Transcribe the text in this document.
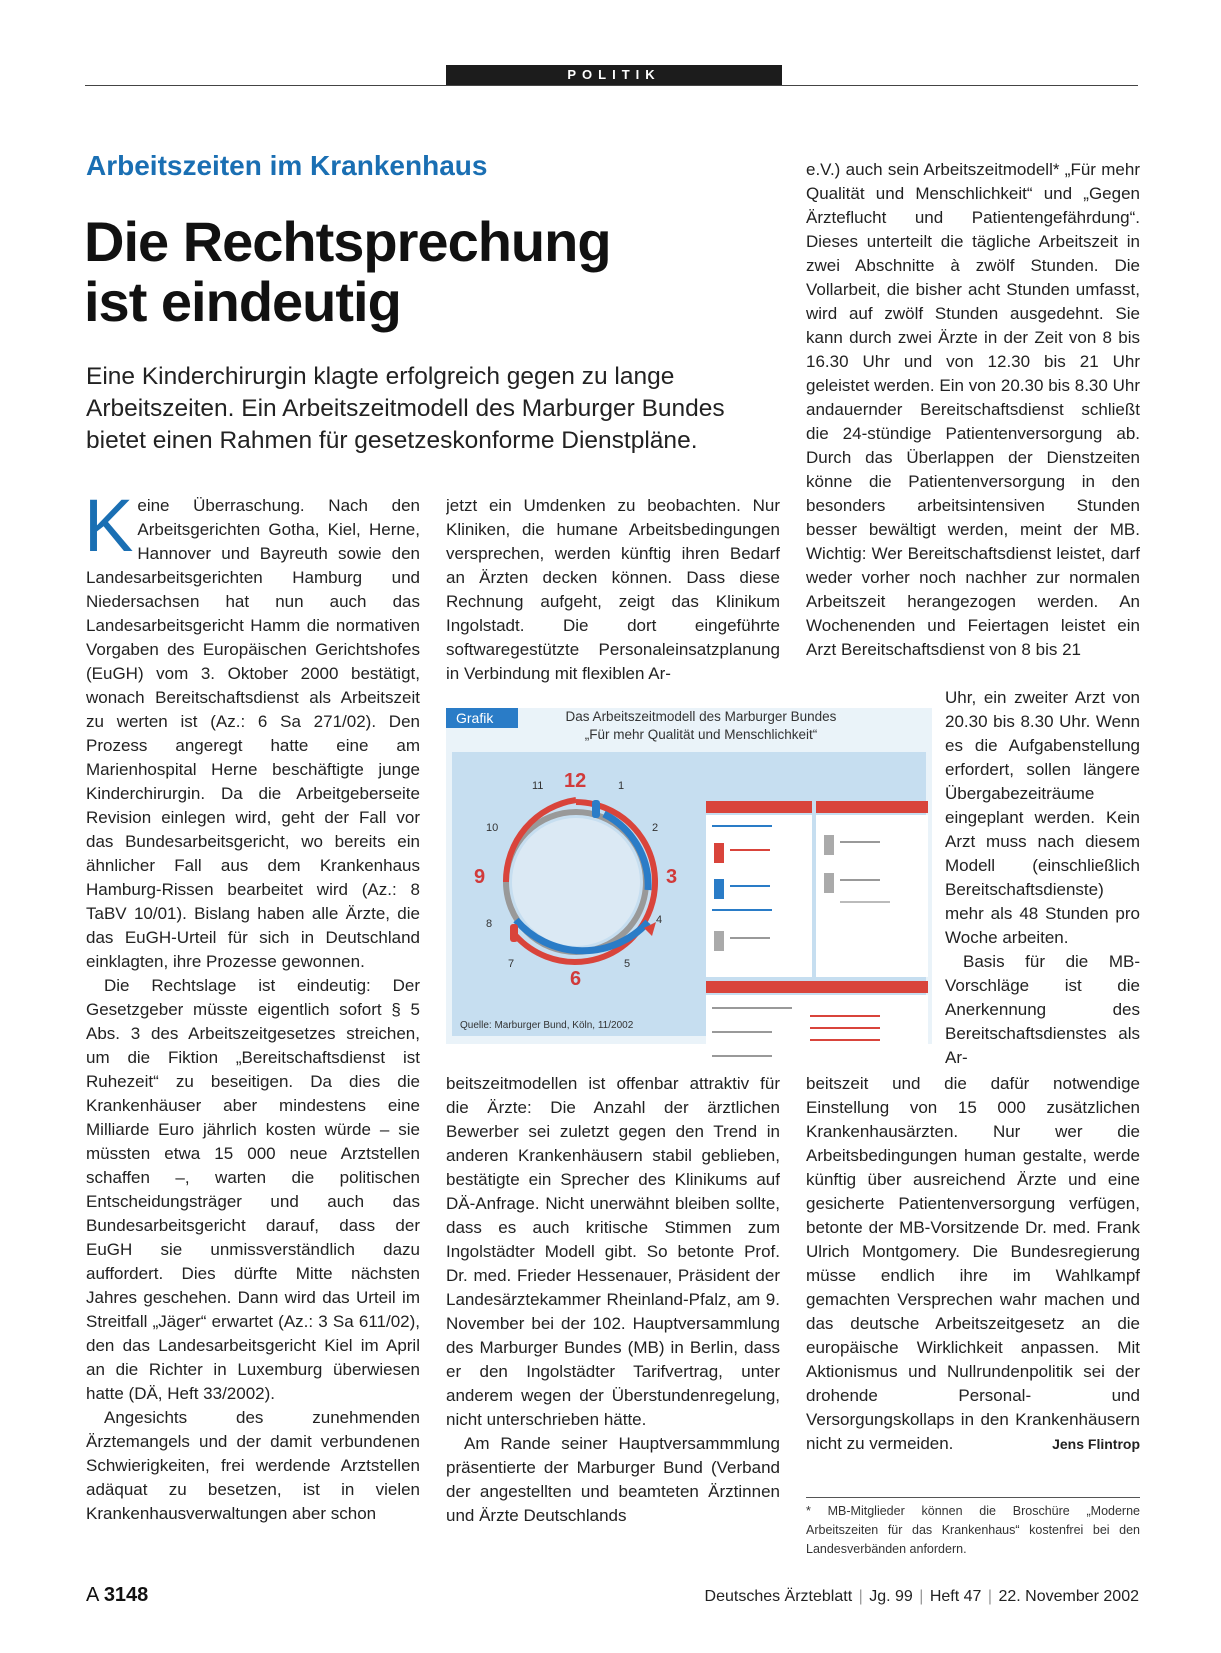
POLITIK
Arbeitszeiten im Krankenhaus
Die Rechtsprechung
ist eindeutig
Eine Kinderchirurgin klagte erfolgreich gegen zu lange Arbeitszeiten. Ein Arbeitszeitmodell des Marburger Bundes bietet einen Rahmen für gesetzeskonforme Dienstpläne.

Keine Überraschung. Nach den Arbeitsgerichten Gotha, Kiel, Herne, Hannover und Bayreuth sowie den Landesarbeitsgerichten Hamburg und Niedersachsen hat nun auch das Landesarbeitsgericht Hamm die normativen Vorgaben des Europäischen Gerichtshofes (EuGH) vom 3. Oktober 2000 bestätigt, wonach Bereitschaftsdienst als Arbeitszeit zu werten ist (Az.: 6 Sa 271/02). Den Prozess angeregt hatte eine am Marienhospital Herne beschäftigte junge Kinderchirurgin. Da die Arbeitgeberseite Revision einlegen wird, geht der Fall vor das Bundesarbeitsgericht, wo bereits ein ähnlicher Fall aus dem Krankenhaus Hamburg-Rissen bearbeitet wird (Az.: 8 TaBV 10/01). Bislang haben alle Ärzte, die das EuGH-Urteil für sich in Deutschland einklagten, ihre Prozesse gewonnen.

Die Rechtslage ist eindeutig: Der Gesetzgeber müsste eigentlich sofort § 5 Abs. 3 des Arbeitszeitgesetzes streichen, um die Fiktion „Bereitschaftsdienst ist Ruhezeit“ zu beseitigen. Da dies die Krankenhäuser aber mindestens eine Milliarde Euro jährlich kosten würde – sie müssten etwa 15 000 neue Arztstellen schaffen –, warten die politischen Entscheidungsträger und auch das Bundesarbeitsgericht darauf, dass der EuGH sie unmissverständlich dazu auffordert. Dies dürfte Mitte nächsten Jahres geschehen. Dann wird das Urteil im Streitfall „Jäger“ erwartet (Az.: 3 Sa 611/02), den das Landesarbeitsgericht Kiel im April an die Richter in Luxemburg überwiesen hatte (DÄ, Heft 33/2002).

Angesichts des zunehmenden Ärztemangels und der damit verbundenen Schwierigkeiten, frei werdende Arztstellen adäquat zu besetzen, ist in vielen Krankenhausverwaltungen aber schon

jetzt ein Umdenken zu beobachten. Nur Kliniken, die humane Arbeitsbedingungen versprechen, werden künftig ihren Bedarf an Ärzten decken können. Dass diese Rechnung aufgeht, zeigt das Klinikum Ingolstadt. Die dort eingeführte softwaregestützte Personaleinsatzplanung in Verbindung mit flexiblen Ar-

Grafik	Das Arbeitszeitmodell des Marburger Bundes
„Für mehr Qualität und Menschlichkeit“
12
3
6
9
11	1
10	2
8	4
7	5
Quelle: Marburger Bund, Köln, 11/2002

beitszeitmodellen ist offenbar attraktiv für die Ärzte: Die Anzahl der ärztlichen Bewerber sei zuletzt gegen den Trend in anderen Krankenhäusern stabil geblieben, bestätigte ein Sprecher des Klinikums auf DÄ-Anfrage. Nicht unerwähnt bleiben sollte, dass es auch kritische Stimmen zum Ingolstädter Modell gibt. So betonte Prof. Dr. med. Frieder Hessenauer, Präsident der Landesärztekammer Rheinland-Pfalz, am 9. November bei der 102. Hauptversammlung des Marburger Bundes (MB) in Berlin, dass er den Ingolstädter Tarifvertrag, unter anderem wegen der Überstundenregelung, nicht unterschrieben hätte.

Am Rande seiner Hauptversammmlung präsentierte der Marburger Bund (Verband der angestellten und beamteten Ärztinnen und Ärzte Deutschlands

e.V.) auch sein Arbeitszeitmodell* „Für mehr Qualität und Menschlichkeit“ und „Gegen Ärzteflucht und Patientengefährdung“. Dieses unterteilt die tägliche Arbeitszeit in zwei Abschnitte à zwölf Stunden. Die Vollarbeit, die bisher acht Stunden umfasst, wird auf zwölf Stunden ausgedehnt. Sie kann durch zwei Ärzte in der Zeit von 8 bis 16.30 Uhr und von 12.30 bis 21 Uhr geleistet werden. Ein von 20.30 bis 8.30 Uhr andauernder Bereitschaftsdienst schließt die 24-stündige Patientenversorgung ab. Durch das Überlappen der Dienstzeiten könne die Patientenversorgung in den besonders arbeitsintensiven Stunden besser bewältigt werden, meint der MB. Wichtig: Wer Bereitschaftsdienst leistet, darf weder vorher noch nachher zur normalen Arbeitszeit herangezogen werden. An Wochenenden und Feiertagen leistet ein Arzt Bereitschaftsdienst von 8 bis 21

Uhr, ein zweiter Arzt von 20.30 bis 8.30 Uhr. Wenn es die Aufgabenstellung erfordert, sollen längere Übergabezeiträume eingeplant werden. Kein Arzt muss nach diesem Modell (einschließlich Bereitschaftsdienste) mehr als 48 Stunden pro Woche arbeiten.

Basis für die MB-Vorschläge ist die Anerkennung des Bereitschaftsdienstes als Ar-

beitszeit und die dafür notwendige Einstellung von 15 000 zusätzlichen Krankenhausärzten. Nur wer die Arbeitsbedingungen human gestalte, werde künftig über ausreichend Ärzte und eine gesicherte Patientenversorgung verfügen, betonte der MB-Vorsitzende Dr. med. Frank Ulrich Montgomery. Die Bundesregierung müsse endlich ihre im Wahlkampf gemachten Versprechen wahr machen und das deutsche Arbeitszeitgesetz an die europäische Wirklichkeit anpassen. Mit Aktionismus und Nullrundenpolitik sei der drohende Personal- und Versorgungskollaps in den Krankenhäusern nicht zu vermeiden.	Jens Flintrop

* MB-Mitglieder können die Broschüre „Moderne Arbeitszeiten für das Krankenhaus“ kostenfrei bei den Landesverbänden anfordern.
A 3148	Deutsches Ärzteblatt | Jg. 99 | Heft 47 | 22. November 2002
